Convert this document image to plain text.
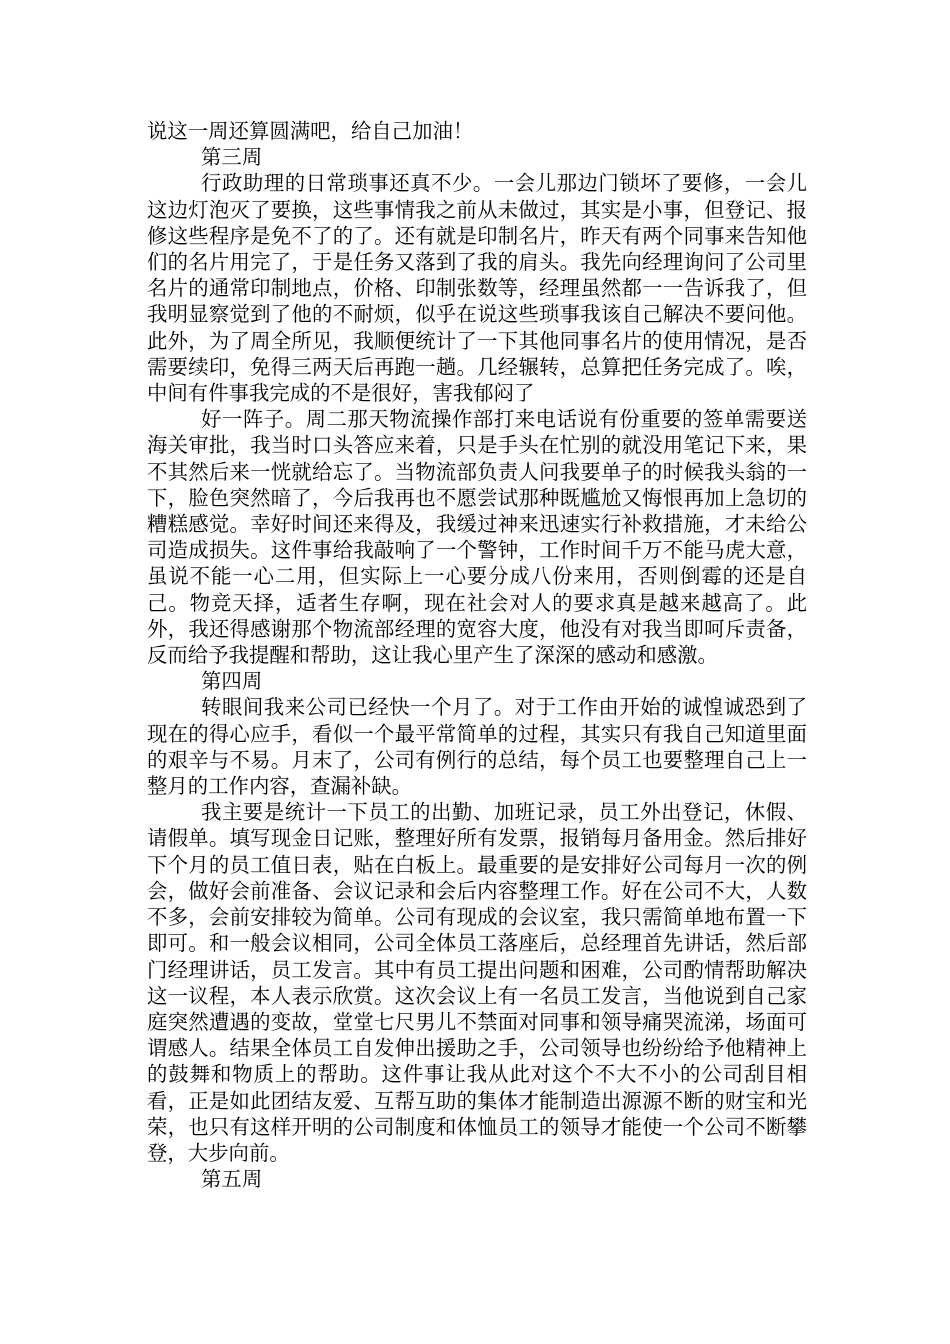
说这一周还算圆满吧，给自己加油！

第三周

行政助理的日常琐事还真不少。一会儿那边门锁坏了要修，一会儿这边灯泡灭了要换，这些事情我之前从未做过，其实是小事，但登记、报修这些程序是免不了的了。还有就是印制名片，昨天有两个同事来告知他们的名片用完了，于是任务又落到了我的肩头。我先向经理询问了公司里名片的通常印制地点，价格、印制张数等，经理虽然都一一告诉我了，但我明显察觉到了他的不耐烦，似乎在说这些琐事我该自己解决不要问他。此外，为了周全所见，我顺便统计了一下其他同事名片的使用情况，是否需要续印，免得三两天后再跑一趟。几经辗转，总算把任务完成了。唉，中间有件事我完成的不是很好，害我郁闷了

好一阵子。周二那天物流操作部打来电话说有份重要的签单需要送海关审批，我当时口头答应来着，只是手头在忙别的就没用笔记下来，果不其然后来一恍就给忘了。当物流部负责人问我要单子的时候我头翁的一下，脸色突然暗了，今后我再也不愿尝试那种既尴尬又悔恨再加上急切的糟糕感觉。幸好时间还来得及，我缓过神来迅速实行补救措施，才未给公司造成损失。这件事给我敲响了一个警钟，工作时间千万不能马虎大意，虽说不能一心二用，但实际上一心要分成八份来用，否则倒霉的还是自己。物竞天择，适者生存啊，现在社会对人的要求真是越来越高了。此外，我还得感谢那个物流部经理的宽容大度，他没有对我当即呵斥责备，反而给予我提醒和帮助，这让我心里产生了深深的感动和感激。

第四周

转眼间我来公司已经快一个月了。对于工作由开始的诚惶诚恐到了现在的得心应手，看似一个最平常简单的过程，其实只有我自己知道里面的艰辛与不易。月末了，公司有例行的总结，每个员工也要整理自己上一整月的工作内容，查漏补缺。

我主要是统计一下员工的出勤、加班记录，员工外出登记，休假、请假单。填写现金日记账，整理好所有发票，报销每月备用金。然后排好下个月的员工值日表，贴在白板上。最重要的是安排好公司每月一次的例会，做好会前准备、会议记录和会后内容整理工作。好在公司不大，人数不多，会前安排较为简单。公司有现成的会议室，我只需简单地布置一下即可。和一般会议相同，公司全体员工落座后，总经理首先讲话，然后部门经理讲话，员工发言。其中有员工提出问题和困难，公司酌情帮助解决这一议程，本人表示欣赏。这次会议上有一名员工发言，当他说到自己家庭突然遭遇的变故，堂堂七尺男儿不禁面对同事和领导痛哭流涕，场面可谓感人。结果全体员工自发伸出援助之手，公司领导也纷纷给予他精神上的鼓舞和物质上的帮助。这件事让我从此对这个不大不小的公司刮目相看，正是如此团结友爱、互帮互助的集体才能制造出源源不断的财宝和光荣，也只有这样开明的公司制度和体恤员工的领导才能使一个公司不断攀登，大步向前。

第五周
